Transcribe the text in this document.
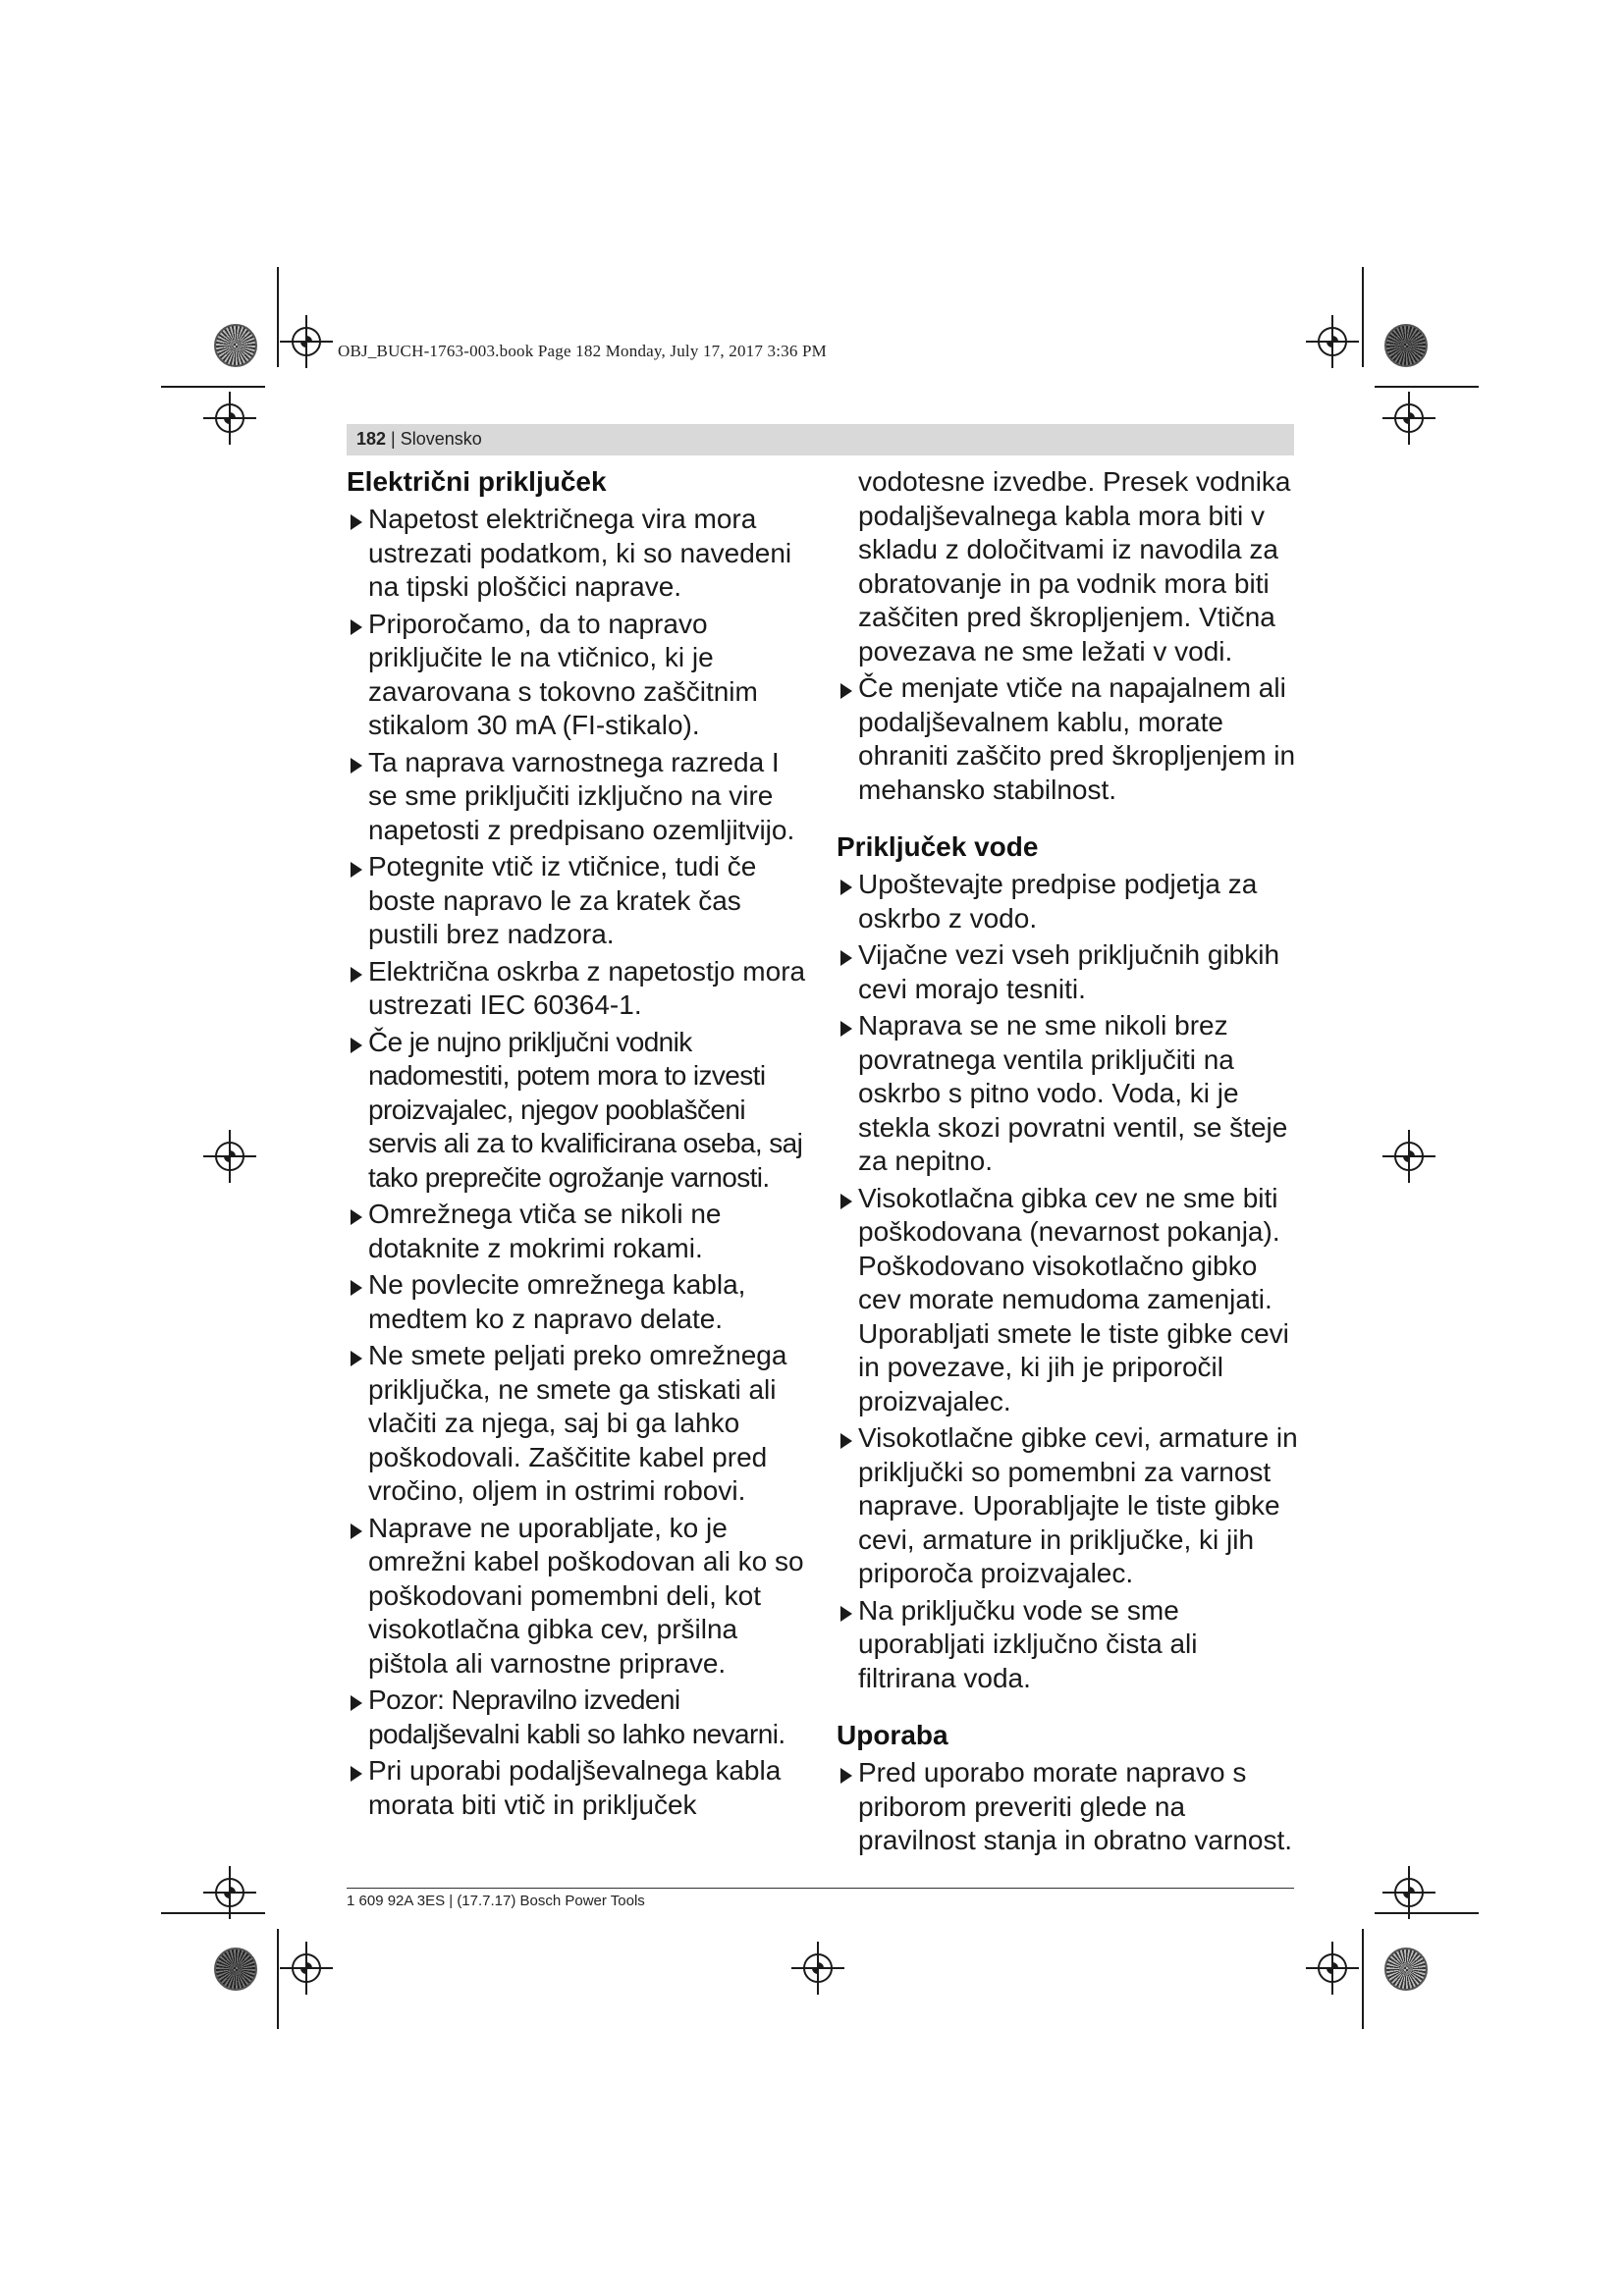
OBJ_BUCH-1763-003.book Page 182 Monday, July 17, 2017 3:36 PM
182 | Slovensko
Električni priključek
Napetost električnega vira mora ustrezati podatkom, ki so navedeni na tipski ploščici naprave.
Priporočamo, da to napravo priključite le na vtičnico, ki je zavarovana s tokovno zaščitnim stikalom 30 mA (FI-stikalo).
Ta naprava varnostnega razreda I se sme priključiti izključno na vire napetosti z predpisano ozemljitvijo.
Potegnite vtič iz vtičnice, tudi če boste napravo le za kratek čas pustili brez nadzora.
Električna oskrba z napetostjo mora ustrezati IEC 60364-1.
Če je nujno priključni vodnik nadomestiti, potem mora to izvesti proizvajalec, njegov pooblaščeni servis ali za to kvalificirana oseba, saj tako preprečite ogrožanje varnosti.
Omrežnega vtiča se nikoli ne dotaknite z mokrimi rokami.
Ne povlecite omrežnega kabla, medtem ko z napravo delate.
Ne smete peljati preko omrežnega priključka, ne smete ga stiskati ali vlačiti za njega, saj bi ga lahko poškodovali. Zaščitite kabel pred vročino, oljem in ostrimi robovi.
Naprave ne uporabljate, ko je omrežni kabel poškodovan ali ko so poškodovani pomembni deli, kot visokotlačna gibka cev, pršilna pištola ali varnostne priprave.
Pozor: Nepravilno izvedeni podaljševalni kabli so lahko nevarni.
Pri uporabi podaljševalnega kabla morata biti vtič in priključek
vodotesne izvedbe. Presek vodnika podaljševalnega kabla mora biti v skladu z določitvami iz navodila za obratovanje in pa vodnik mora biti zaščiten pred škropljenjem. Vtična povezava ne sme ležati v vodi.
Če menjate vtiče na napajalnem ali podaljševalnem kablu, morate ohraniti zaščito pred škropljenjem in mehansko stabilnost.
Priključek vode
Upoštevajte predpise podjetja za oskrbo z vodo.
Vijačne vezi vseh priključnih gibkih cevi morajo tesniti.
Naprava se ne sme nikoli brez povratnega ventila priključiti na oskrbo s pitno vodo. Voda, ki je stekla skozi povratni ventil, se šteje za nepitno.
Visokotlačna gibka cev ne sme biti poškodovana (nevarnost pokanja). Poškodovano visokotlačno gibko cev morate nemudoma zamenjati. Uporabljati smete le tiste gibke cevi in povezave, ki jih je priporočil proizvajalec.
Visokotlačne gibke cevi, armature in priključki so pomembni za varnost naprave. Uporabljajte le tiste gibke cevi, armature in priključke, ki jih priporoča proizvajalec.
Na priključku vode se sme uporabljati izključno čista ali filtrirana voda.
Uporaba
Pred uporabo morate napravo s priborom preveriti glede na pravilnost stanja in obratno varnost.
1 609 92A 3ES | (17.7.17) Bosch Power Tools
